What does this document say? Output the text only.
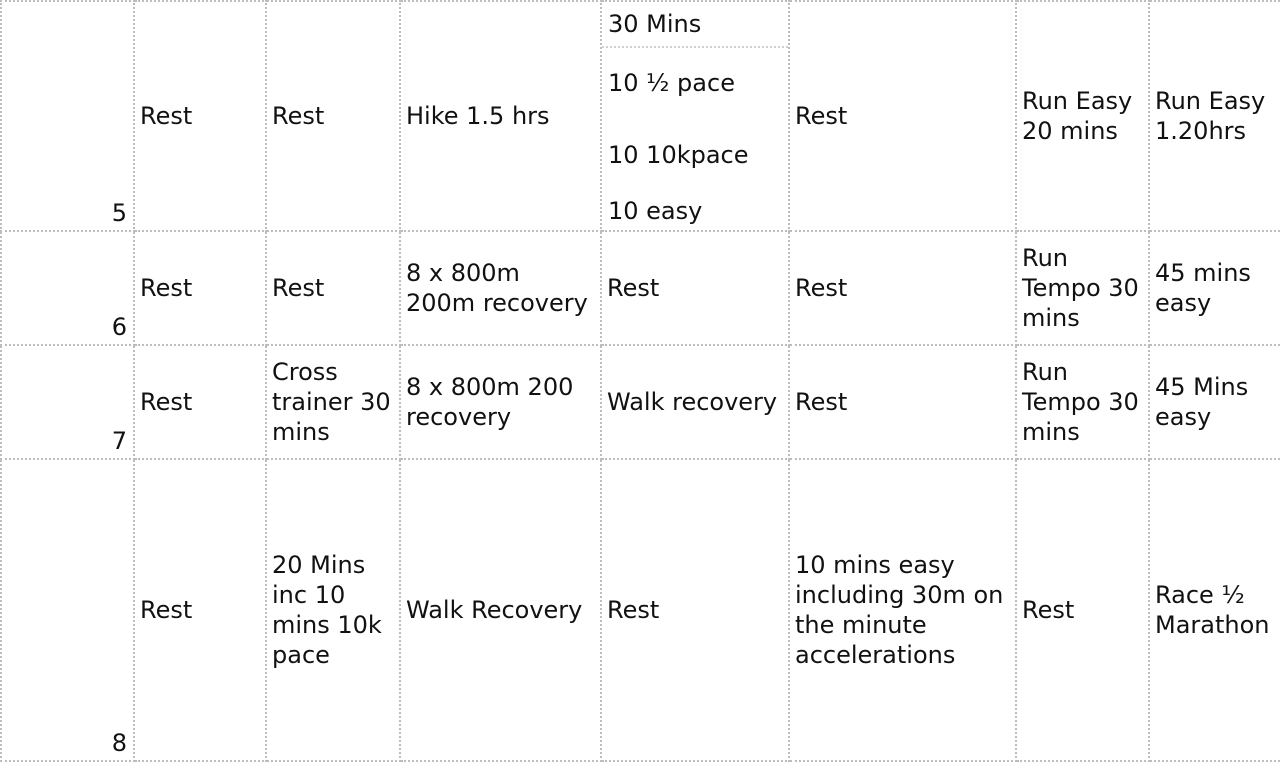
5	Rest	Rest	Hike 1.5 hrs	30 Mins
10 ½ pace
10 10kpace
10 easy	Rest	Run Easy 20 mins	Run Easy 1.20hrs
6	Rest	Rest	8 x 800m 200m recovery	Rest	Rest	Run Tempo 30 mins	45 mins easy
7	Rest	Cross trainer 30 mins	8 x 800m 200 recovery	Walk recovery	Rest	Run Tempo 30 mins	45 Mins easy
8	Rest	20 Mins inc 10 mins 10k pace	Walk Recovery	Rest	10 mins easy including 30m on the minute accelerations	Rest	Race ½ Marathon
